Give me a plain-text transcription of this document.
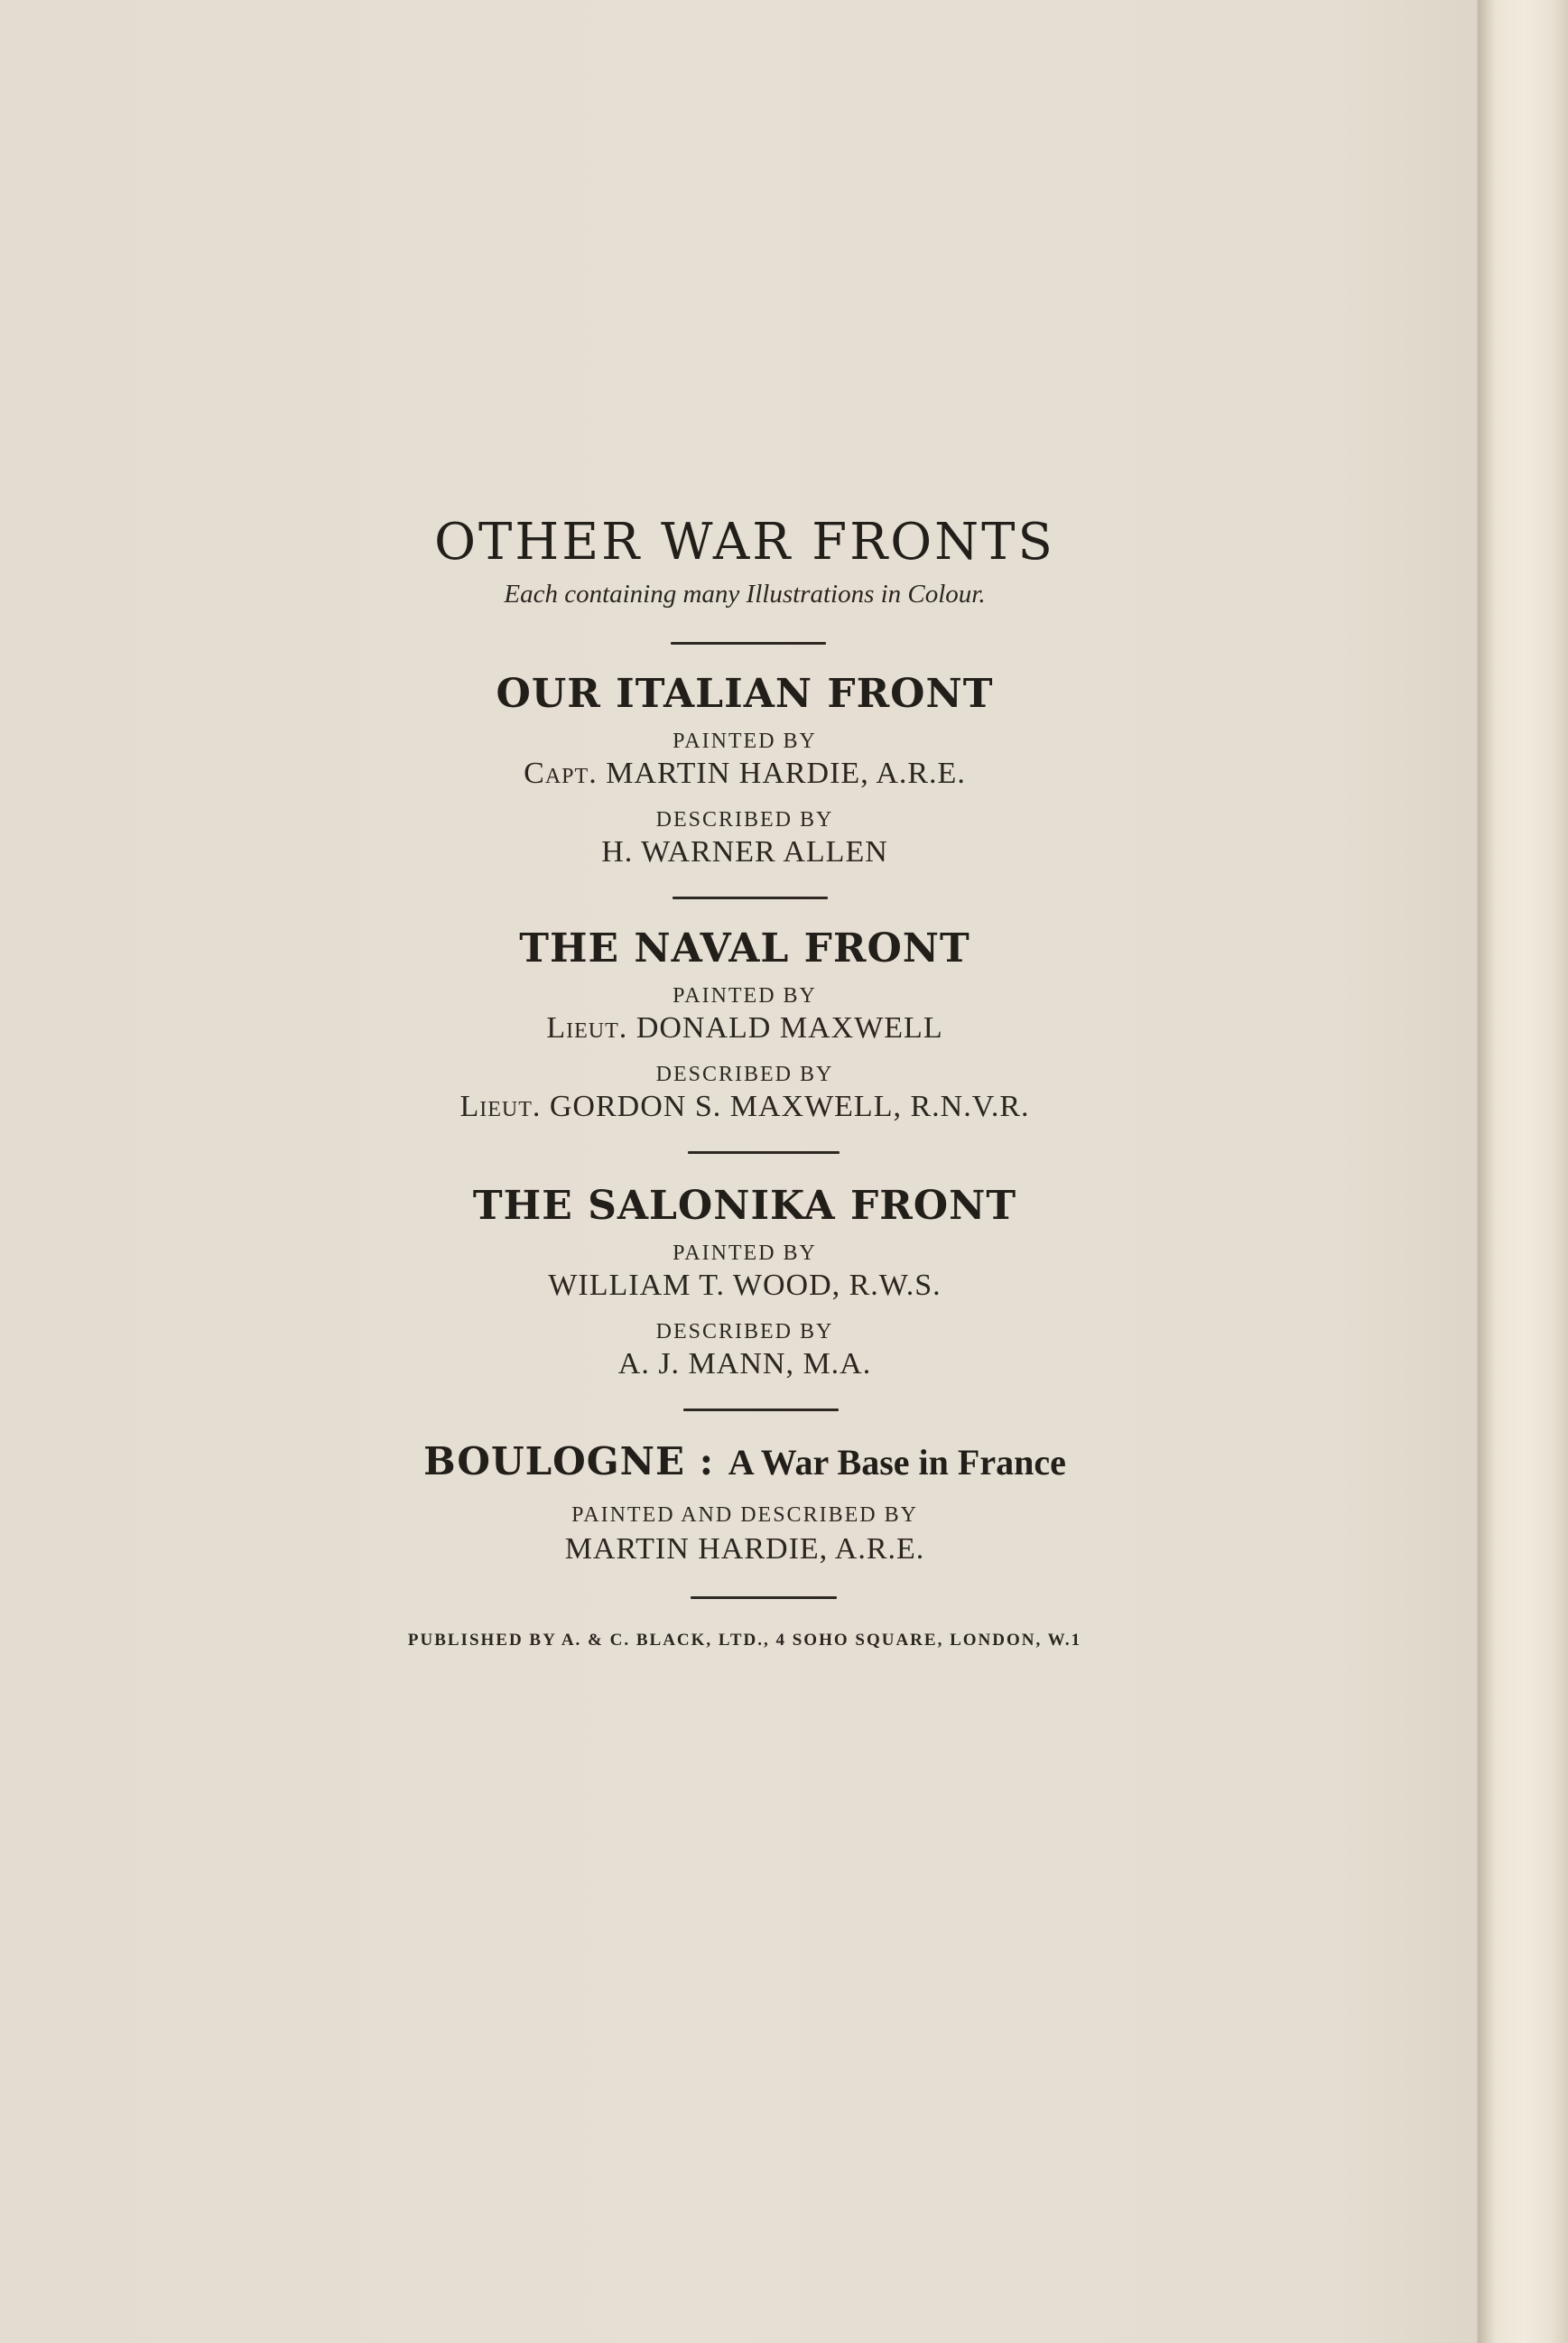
OTHER WAR FRONTS
Each containing many Illustrations in Colour.
OUR ITALIAN FRONT
PAINTED BY
Capt. MARTIN HARDIE, A.R.E.
DESCRIBED BY
H. WARNER ALLEN
THE NAVAL FRONT
PAINTED BY
Lieut. DONALD MAXWELL
DESCRIBED BY
Lieut. GORDON S. MAXWELL, R.N.V.R.
THE SALONIKA FRONT
PAINTED BY
WILLIAM T. WOOD, R.W.S.
DESCRIBED BY
A. J. MANN, M.A.
BOULOGNE : A War Base in France
PAINTED AND DESCRIBED BY
MARTIN HARDIE, A.R.E.
PUBLISHED BY A. & C. BLACK, LTD., 4 SOHO SQUARE, LONDON, W.1
